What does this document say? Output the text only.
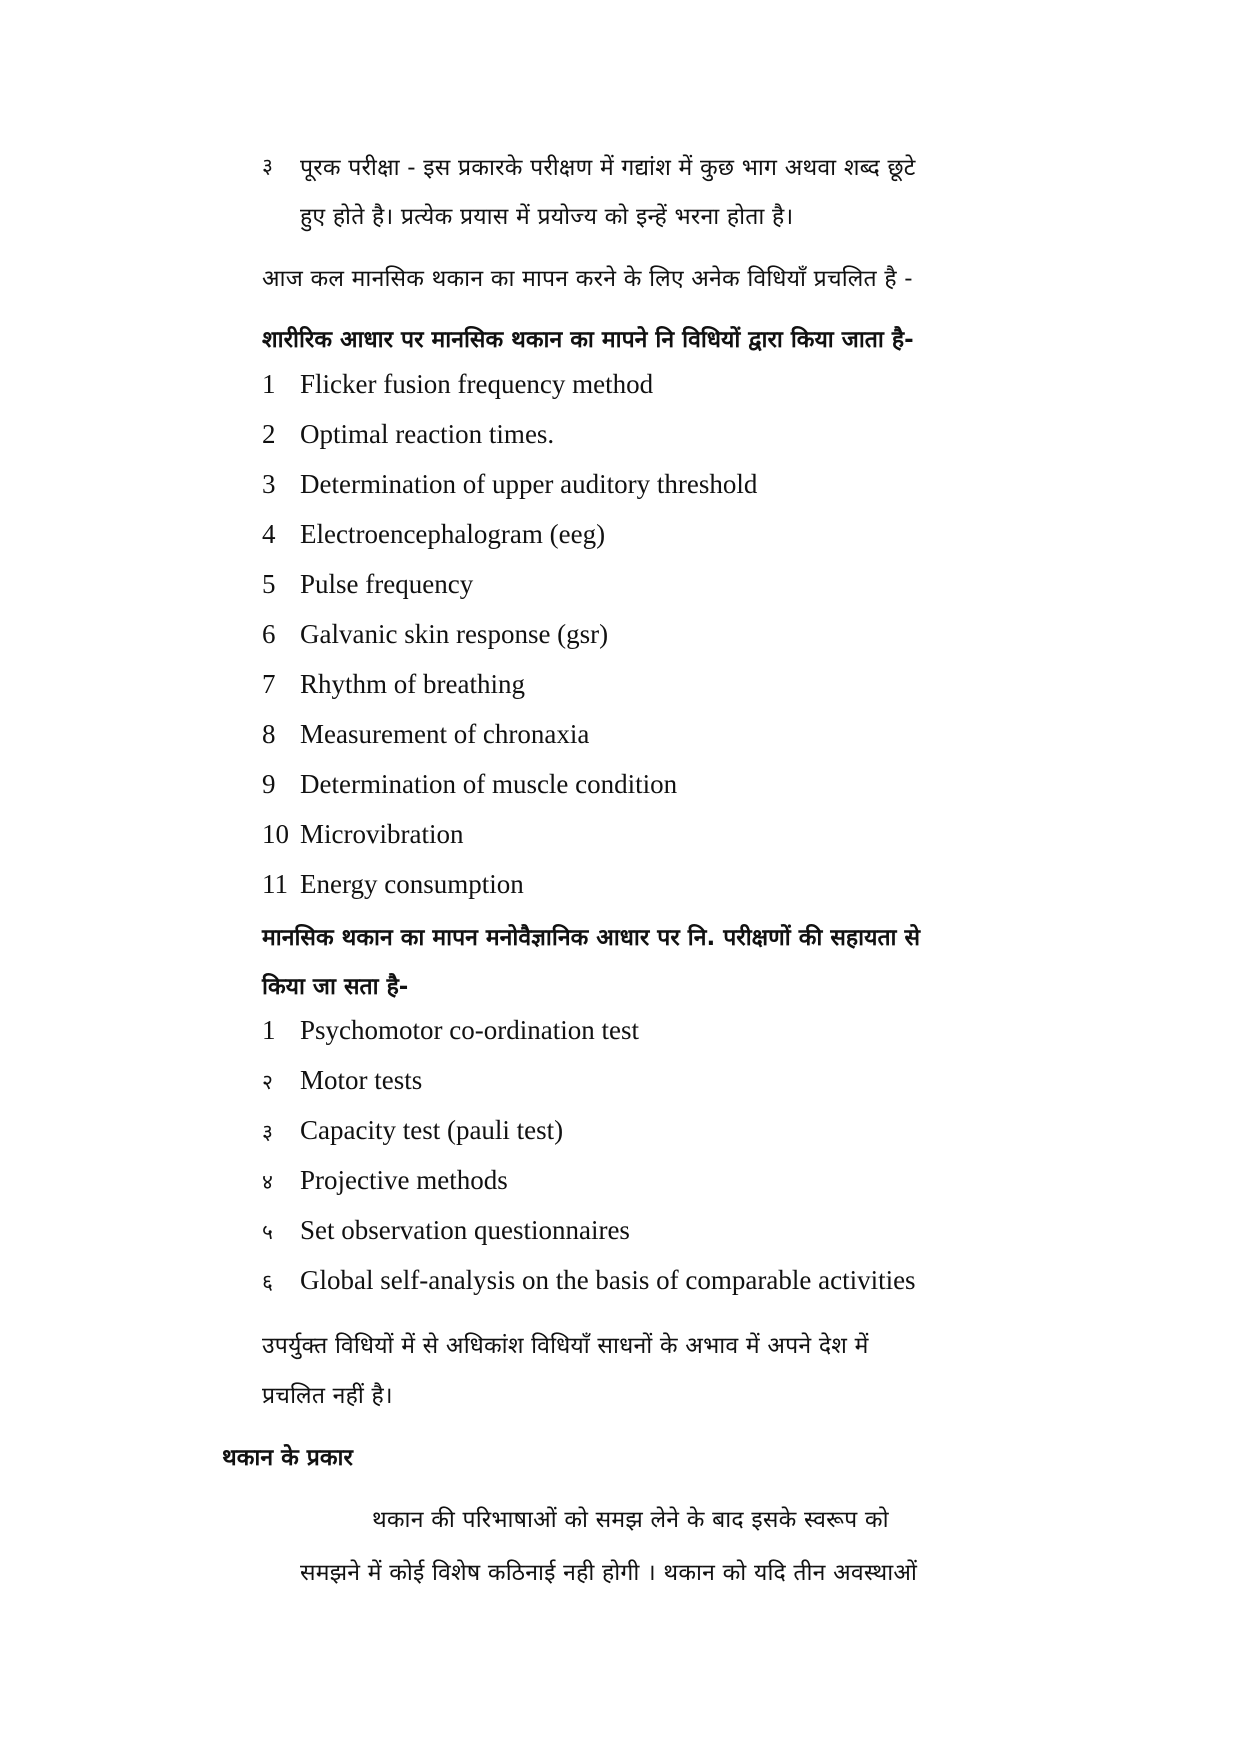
३ पूरक परीक्षा - इस प्रकारके परीक्षण में गद्यांश में कुछ भाग अथवा शब्द छूटे
हुए होते है। प्रत्येक प्रयास में प्रयोज्य को इन्हें भरना होता है।
आज कल मानसिक थकान का मापन करने के लिए अनेक विधियाँ प्रचलित है -
शारीरिक आधार पर मानसिक थकान का मापने नि विधियों द्वारा किया जाता है-
1 Flicker fusion frequency method
2 Optimal reaction times.
3 Determination of upper auditory threshold
4 Electroencephalogram (eeg)
5 Pulse frequency
6 Galvanic skin response (gsr)
7 Rhythm of breathing
8 Measurement of chronaxia
9 Determination of muscle condition
10 Microvibration
11 Energy consumption
मानसिक थकान का मापन मनोवैज्ञानिक आधार पर नि. परीक्षणों की सहायता से
किया जा सता है-
1 Psychomotor co-ordination test
२ Motor tests
३ Capacity test (pauli test)
४ Projective methods
५ Set observation questionnaires
६ Global self-analysis on the basis of comparable activities
उपर्युक्त विधियों में से अधिकांश विधियाँ साधनों के अभाव में अपने देश में
प्रचलित नहीं है।
थकान के प्रकार
थकान की परिभाषाओं को समझ लेने के बाद इसके स्वरूप को
समझने में कोई विशेष कठिनाई नही होगी । थकान को यदि तीन अवस्थाओं
